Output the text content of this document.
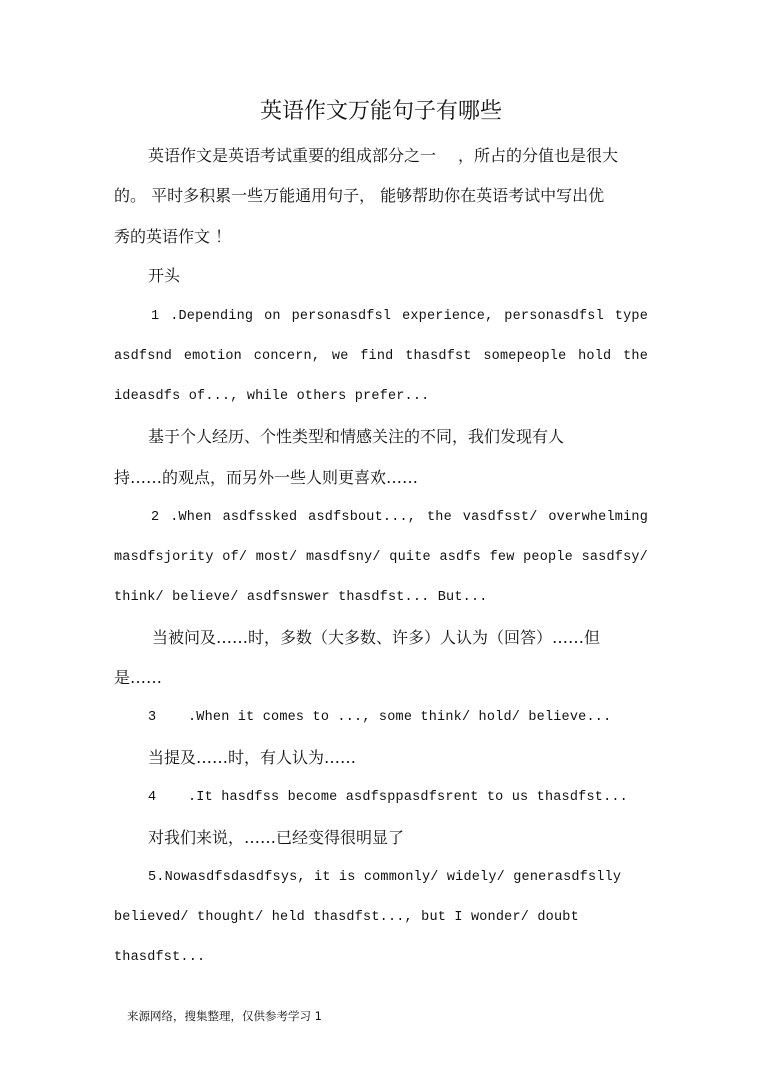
英语作文万能句子有哪些
英语作文是英语考试重要的组成部分之一 ，所占的分值也是很大
的。 平时多积累一些万能通用句子， 能够帮助你在英语考试中写出优
秀的英语作文 ！
开头
1 .Depending on personasdfsl experience, personasdfsl type
asdfsnd emotion concern, we find thasdfst somepeople hold the
ideasdfs of..., while others prefer...
基于个人经历、个性类型和情感关注的不同，我们发现有人
持……的观点，而另外一些人则更喜欢……
2 .When asdfssked asdfsbout..., the vasdfsst/ overwhelming
masdfsjority of/ most/ masdfsny/ quite asdfs few people sasdfsy/
think/ believe/ asdfsnswer thasdfst... But...
当被问及……时，多数（大多数、许多）人认为（回答）……但
是……
3 .When it comes to ..., some think/ hold/ believe...
当提及……时，有人认为……
4 .It hasdfss become asdfsppasdfsrent to us thasdfst...
对我们来说，……已经变得很明显了
5.Nowasdfsdasdfsys, it is commonly/ widely/ generasdfslly
believed/ thought/ held thasdfst..., but I wonder/ doubt
thasdfst...
来源网络，搜集整理，仅供参考学习 1
